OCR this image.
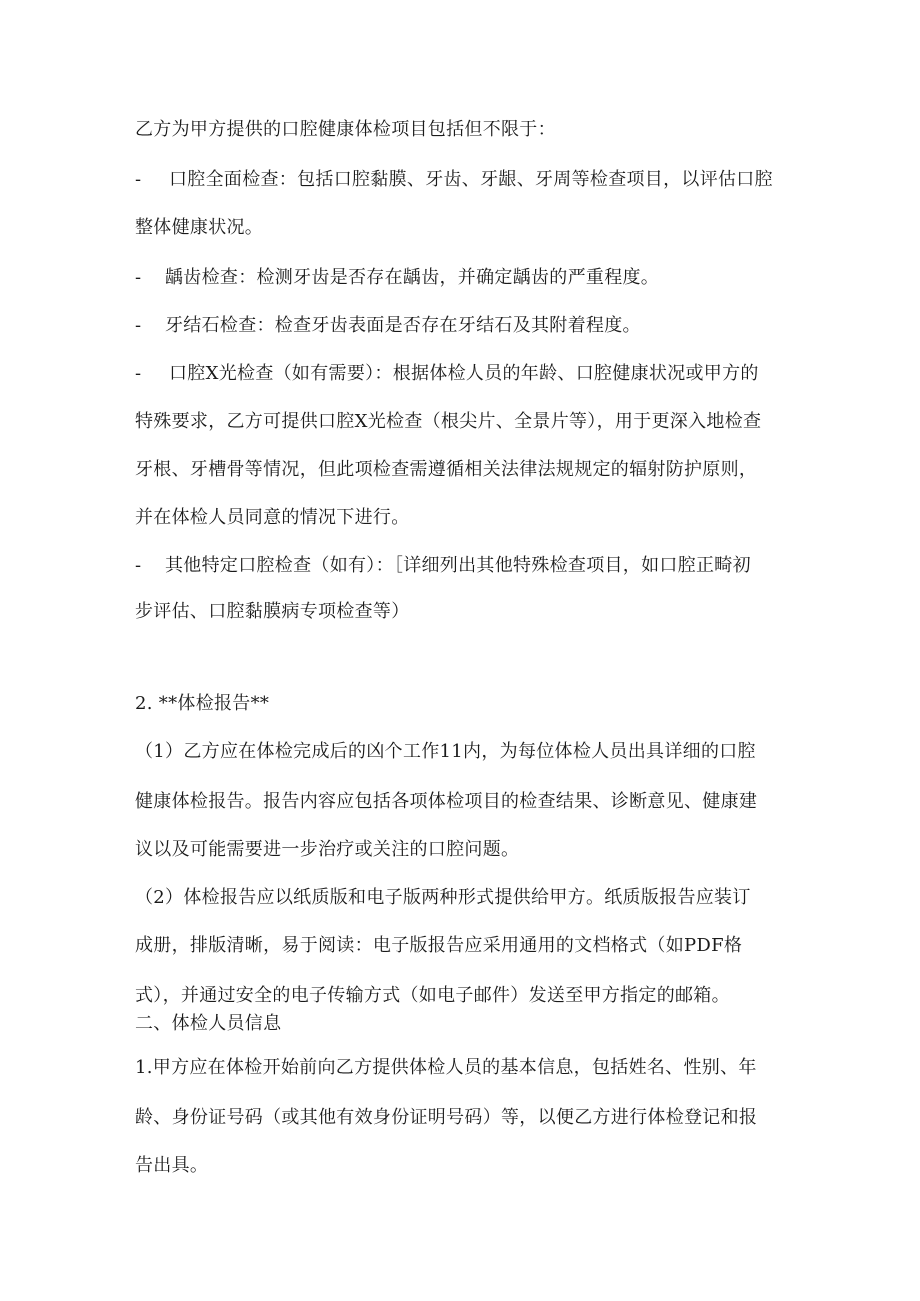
乙方为甲方提供的口腔健康体检项目包括但不限于：
- 口腔全面检查：包括口腔黏膜、牙齿、牙龈、牙周等检查项目，以评估口腔
整体健康状况。
- 龋齿检查：检测牙齿是否存在龋齿，并确定龋齿的严重程度。
- 牙结石检查：检查牙齿表面是否存在牙结石及其附着程度。
- 口腔X光检查（如有需要）：根据体检人员的年龄、口腔健康状况或甲方的
特殊要求，乙方可提供口腔X光检查（根尖片、全景片等），用于更深入地检查
牙根、牙槽骨等情况，但此项检查需遵循相关法律法规规定的辐射防护原则，
并在体检人员同意的情况下进行。
- 其他特定口腔检查（如有）：［详细列出其他特殊检查项目，如口腔正畸初
步评估、口腔黏膜病专项检查等）
2. **体检报告**
（1）乙方应在体检完成后的凶个工作11内，为每位体检人员出具详细的口腔
健康体检报告。报告内容应包括各项体检项目的检查结果、诊断意见、健康建
议以及可能需要进一步治疗或关注的口腔问题。
（2）体检报告应以纸质版和电子版两种形式提供给甲方。纸质版报告应装订
成册，排版清晰，易于阅读：电子版报告应采用通用的文档格式（如PDF格
式），并通过安全的电子传输方式（如电子邮件）发送至甲方指定的邮箱。
二、体检人员信息
1.甲方应在体检开始前向乙方提供体检人员的基本信息，包括姓名、性别、年
龄、身份证号码（或其他有效身份证明号码）等，以便乙方进行体检登记和报
告出具。
